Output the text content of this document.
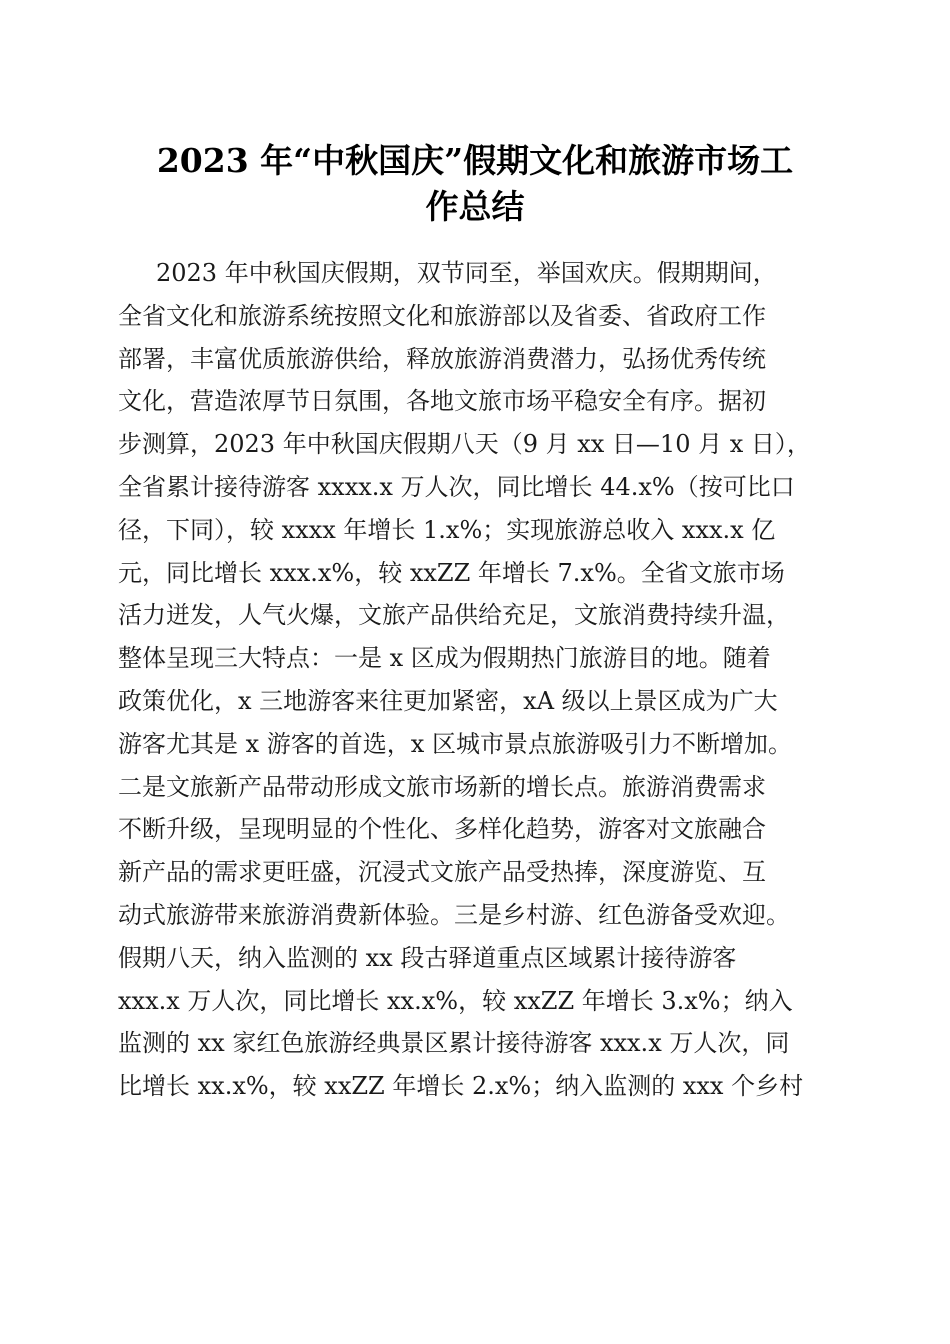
2023 年“中秋国庆”假期文化和旅游市场工
作总结
2023 年中秋国庆假期，双节同至，举国欢庆。假期期间，
全省文化和旅游系统按照文化和旅游部以及省委、省政府工作
部署，丰富优质旅游供给，释放旅游消费潜力，弘扬优秀传统
文化，营造浓厚节日氛围，各地文旅市场平稳安全有序。据初
步测算，2023 年中秋国庆假期八天（9 月 xx 日—10 月 x 日），
全省累计接待游客 xxxx.x 万人次，同比增长 44.x%（按可比口
径，下同），较 xxxx 年增长 1.x%；实现旅游总收入 xxx.x 亿
元，同比增长 xxx.x%，较 xxZZ 年增长 7.x%。全省文旅市场
活力迸发，人气火爆，文旅产品供给充足，文旅消费持续升温，
整体呈现三大特点：一是 x 区成为假期热门旅游目的地。随着
政策优化，x 三地游客来往更加紧密，xA 级以上景区成为广大
游客尤其是 x 游客的首选，x 区城市景点旅游吸引力不断增加。
二是文旅新产品带动形成文旅市场新的增长点。旅游消费需求
不断升级，呈现明显的个性化、多样化趋势，游客对文旅融合
新产品的需求更旺盛，沉浸式文旅产品受热捧，深度游览、互
动式旅游带来旅游消费新体验。三是乡村游、红色游备受欢迎。
假期八天，纳入监测的 xx 段古驿道重点区域累计接待游客
xxx.x 万人次，同比增长 xx.x%，较 xxZZ 年增长 3.x%；纳入
监测的 xx 家红色旅游经典景区累计接待游客 xxx.x 万人次，同
比增长 xx.x%，较 xxZZ 年增长 2.x%；纳入监测的 xxx 个乡村
